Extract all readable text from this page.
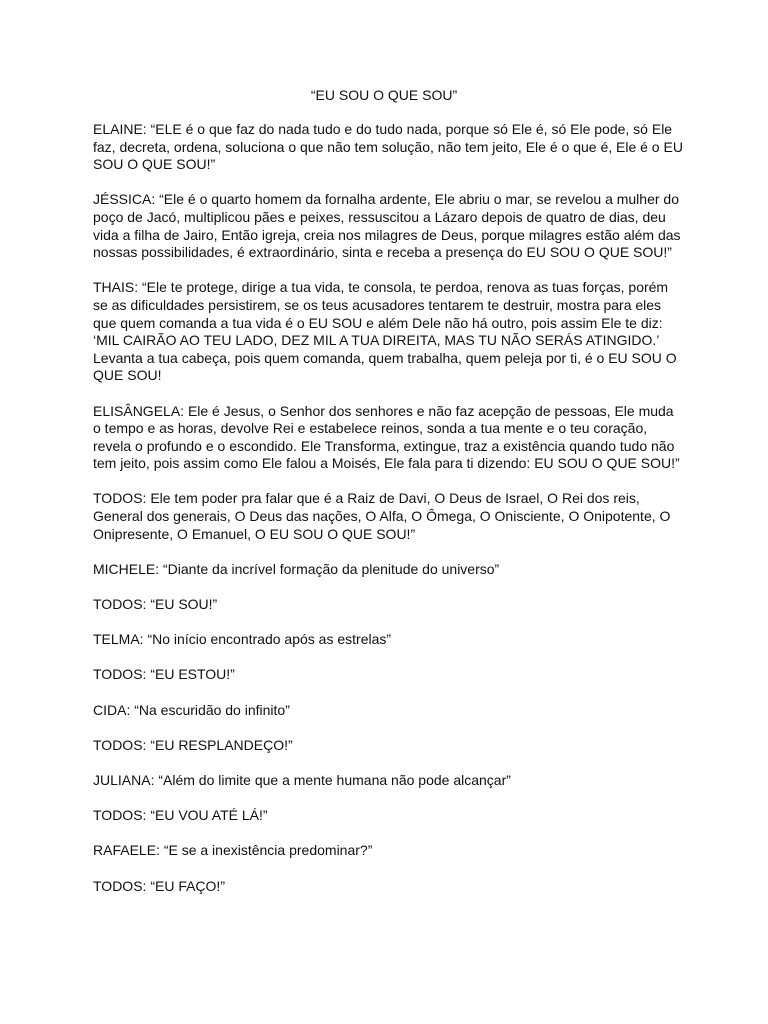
“EU SOU O QUE SOU”

ELAINE: “ELE é o que faz do nada tudo e do tudo nada, porque só Ele é, só Ele pode, só Ele faz, decreta, ordena, soluciona o que não tem solução, não tem jeito, Ele é o que é, Ele é o EU SOU O QUE SOU!”

JÉSSICA: “Ele é o quarto homem da fornalha ardente, Ele abriu o mar, se revelou a mulher do poço de Jacó, multiplicou pães e peixes, ressuscitou a Lázaro depois de quatro de dias, deu vida a filha de Jairo, Então igreja, creia nos milagres de Deus, porque milagres estão além das nossas possibilidades, é extraordinário, sinta e receba a presença do EU SOU O QUE SOU!”

THAIS: “Ele te protege, dirige a tua vida, te consola, te perdoa, renova as tuas forças, porém se as dificuldades persistirem, se os teus acusadores tentarem te destruir, mostra para eles que quem comanda a tua vida é o EU SOU e além Dele não há outro, pois assim Ele te diz: ‘MIL CAIRÃO AO TEU LADO, DEZ MIL A TUA DIREITA, MAS TU NÃO SERÁS ATINGIDO.’ Levanta a tua cabeça, pois quem comanda, quem trabalha, quem peleja por ti, é o EU SOU O QUE SOU!

ELISÂNGELA: Ele é Jesus, o Senhor dos senhores e não faz acepção de pessoas, Ele muda o tempo e as horas, devolve Rei e estabelece reinos, sonda a tua mente e o teu coração, revela o profundo e o escondido. Ele Transforma, extingue, traz a existência quando tudo não tem jeito, pois assim como Ele falou a Moisés, Ele fala para ti dizendo: EU SOU O QUE SOU!”

TODOS: Ele tem poder pra falar que é a Raiz de Davi, O Deus de Israel, O Rei dos reis, General dos generais, O Deus das nações, O Alfa, O Ômega, O Onisciente, O Onipotente, O Onipresente, O Emanuel, O EU SOU O QUE SOU!”

MICHELE: “Diante da incrível formação da plenitude do universo”

TODOS: “EU SOU!”

TELMA: “No início encontrado após as estrelas”

TODOS: “EU ESTOU!”

CIDA: “Na escuridão do infinito”

TODOS: “EU RESPLANDEÇO!”

JULIANA: “Além do limite que a mente humana não pode alcançar”

TODOS: “EU VOU ATÉ LÁ!”

RAFAELE: “E se a inexistência predominar?”

TODOS: “EU FAÇO!”
